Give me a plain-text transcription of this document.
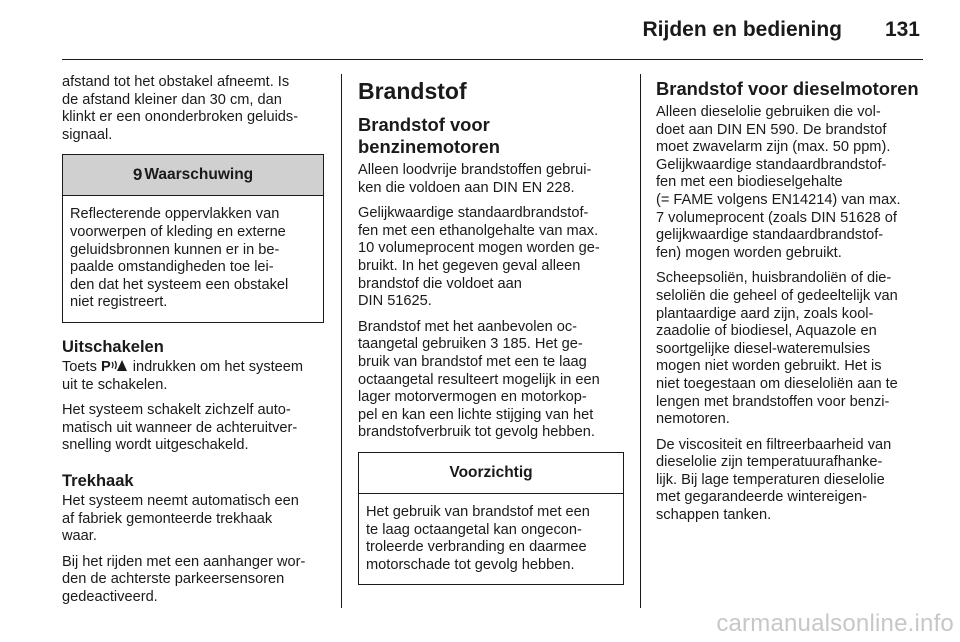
Rijden en bediening 131

afstand tot het obstakel afneemt. Is
de afstand kleiner dan 30 cm, dan
klinkt er een ononderbroken geluids-
signaal.

9 Waarschuwing

Reflecterende oppervlakken van
voorwerpen of kleding en externe
geluidsbronnen kunnen er in be-
paalde omstandigheden toe lei-
den dat het systeem een obstakel
niet registreert.

Uitschakelen

Toets P indrukken om het systeem
uit te schakelen.

Het systeem schakelt zichzelf auto-
matisch uit wanneer de achteruitver-
snelling wordt uitgeschakeld.

Trekhaak

Het systeem neemt automatisch een
af fabriek gemonteerde trekhaak
waar.

Bij het rijden met een aanhanger wor-
den de achterste parkeersensoren
gedeactiveerd.

Brandstof
Brandstof voor
benzinemotoren

Alleen loodvrije brandstoffen gebrui-
ken die voldoen aan DIN EN 228.

Gelijkwaardige standaardbrandstof-
fen met een ethanolgehalte van max.
10 volumeprocent mogen worden ge-
bruikt. In het gegeven geval alleen
brandstof die voldoet aan
DIN 51625.

Brandstof met het aanbevolen oc-
taangetal gebruiken 3 185. Het ge-
bruik van brandstof met een te laag
octaangetal resulteert mogelijk in een
lager motorvermogen en motorkop-
pel en kan een lichte stijging van het
brandstofverbruik tot gevolg hebben.

Voorzichtig

Het gebruik van brandstof met een
te laag octaangetal kan ongecon-
troleerde verbranding en daarmee
motorschade tot gevolg hebben.

Brandstof voor dieselmotoren

Alleen dieselolie gebruiken die vol-
doet aan DIN EN 590. De brandstof
moet zwavelarm zijn (max. 50 ppm).
Gelijkwaardige standaardbrandstof-
fen met een biodieselgehalte
(= FAME volgens EN14214) van max.
7 volumeprocent (zoals DIN 51628 of
gelijkwaardige standaardbrandstof-
fen) mogen worden gebruikt.

Scheepsoliën, huisbrandoliën of die-
seloliën die geheel of gedeeltelijk van
plantaardige aard zijn, zoals kool-
zaadolie of biodiesel, Aquazole en
soortgelijke diesel-wateremulsies
mogen niet worden gebruikt. Het is
niet toegestaan om dieseloliën aan te
lengen met brandstoffen voor benzi-
nemotoren.

De viscositeit en filtreerbaarheid van
dieselolie zijn temperatuurafhanke-
lijk. Bij lage temperaturen dieselolie
met gegarandeerde wintereigen-
schappen tanken.

carmanualsonline.info
